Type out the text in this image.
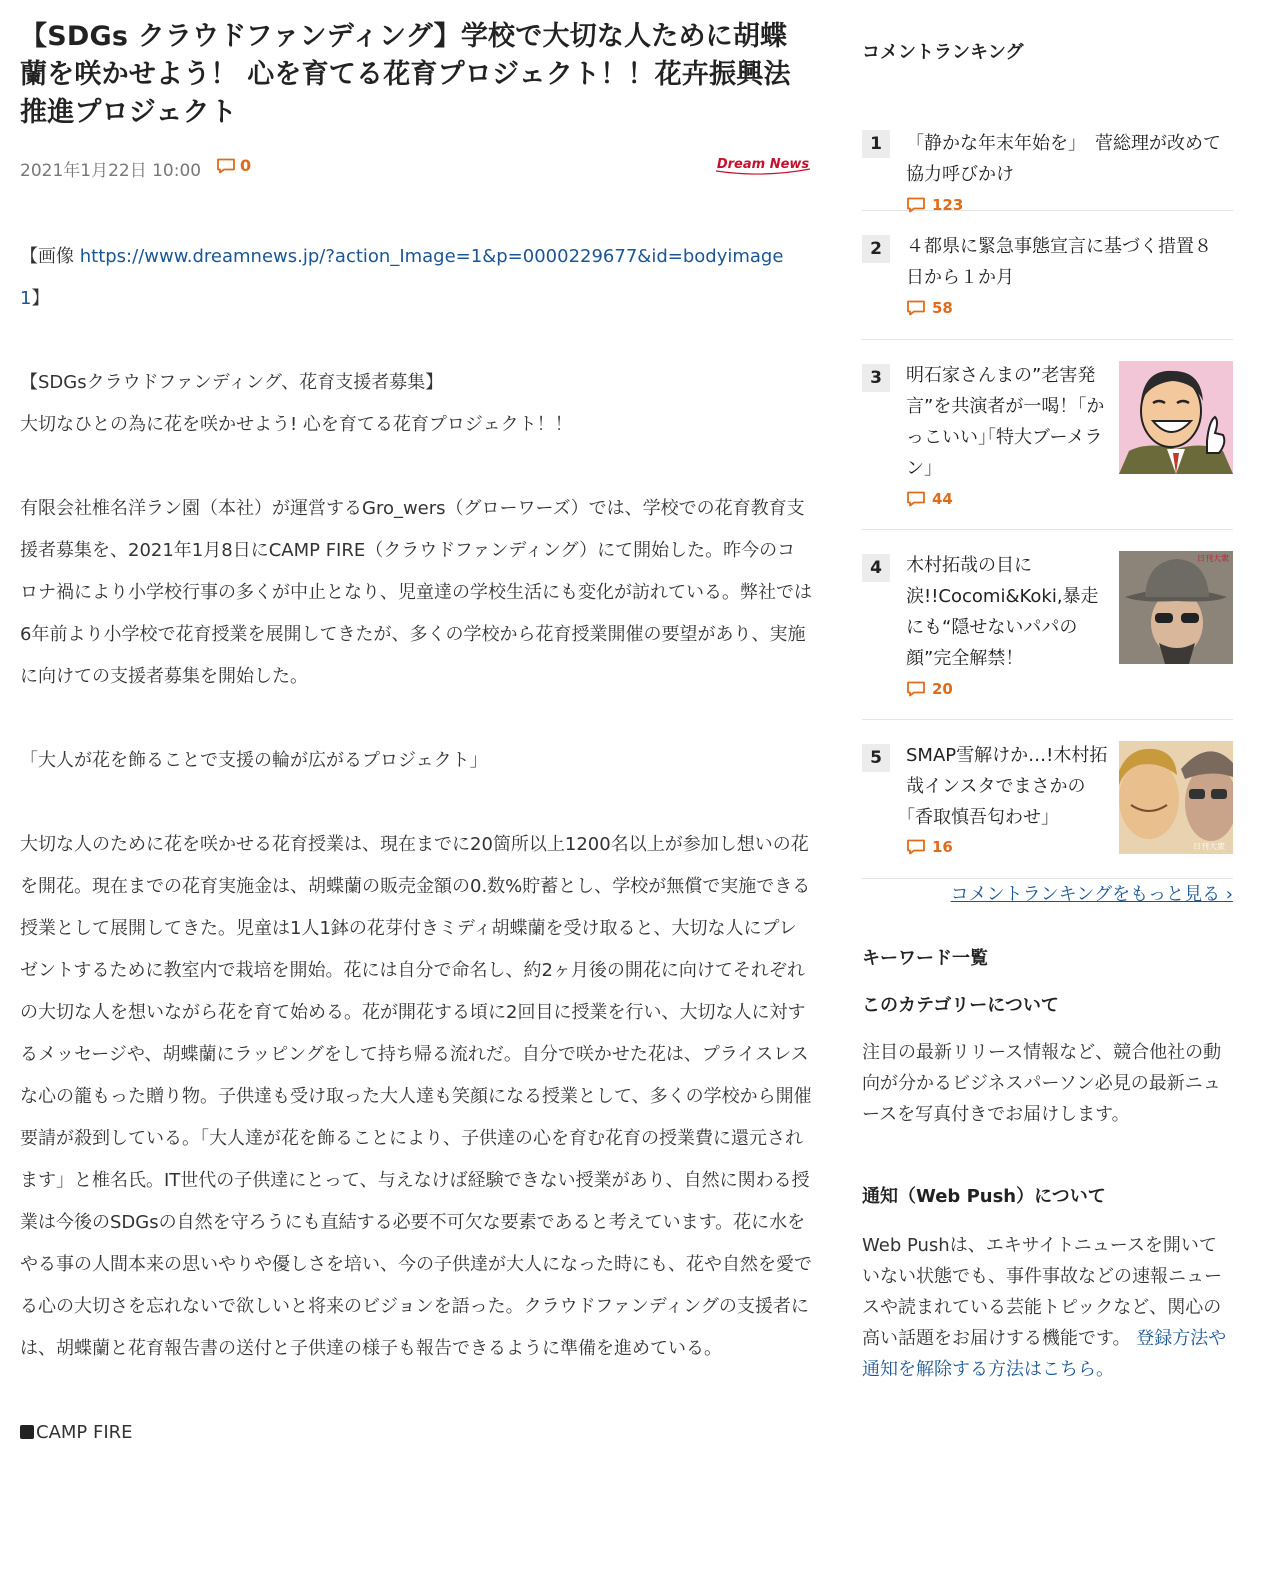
【SDGs クラウドファンディング】学校で大切な人ために胡蝶蘭を咲かせよう！ 心を育てる花育プロジェクト！！花卉振興法推進プロジェクト
2021年1月22日 10:00 0	Dream News

【画像 https://www.dreamnews.jp/?action_Image=1&p=0000229677&id=bodyimage1】

【SDGsクラウドファンディング、花育支援者募集】

大切なひとの為に花を咲かせよう! 心を育てる花育プロジェクト！！

有限会社椎名洋ラン園（本社）が運営するGro_wers（グローワーズ）では、学校での花育教育支援者募集を、2021年1月8日にCAMP FIRE（クラウドファンディング）にて開始した。昨今のコロナ禍により小学校行事の多くが中止となり、児童達の学校生活にも変化が訪れている。弊社では6年前より小学校で花育授業を展開してきたが、多くの学校から花育授業開催の要望があり、実施に向けての支援者募集を開始した。

「大人が花を飾ることで支援の輪が広がるプロジェクト」

大切な人のために花を咲かせる花育授業は、現在までに20箇所以上1200名以上が参加し想いの花を開花。現在までの花育実施金は、胡蝶蘭の販売金額の0.数%貯蓄とし、学校が無償で実施できる授業として展開してきた。児童は1人1鉢の花芽付きミディ胡蝶蘭を受け取ると、大切な人にプレゼントするために教室内で栽培を開始。花には自分で命名し、約2ヶ月後の開花に向けてそれぞれの大切な人を想いながら花を育て始める。花が開花する頃に2回目に授業を行い、大切な人に対するメッセージや、胡蝶蘭にラッピングをして持ち帰る流れだ。自分で咲かせた花は、プライスレスな心の籠もった贈り物。子供達も受け取った大人達も笑顔になる授業として、多くの学校から開催要請が殺到している。「大人達が花を飾ることにより、子供達の心を育む花育の授業費に還元されます」と椎名氏。IT世代の子供達にとって、与えなけば経験できない授業があり、自然に関わる授業は今後のSDGsの自然を守ろうにも直結する必要不可欠な要素であると考えています。花に水をやる事の人間本来の思いやりや優しさを培い、今の子供達が大人になった時にも、花や自然を愛でる心の大切さを忘れないで欲しいと将来のビジョンを語った。クラウドファンディングの支援者には、胡蝶蘭と花育報告書の送付と子供達の様子も報告できるように準備を進めている。

CAMP FIRE

コメントランキング
1	「静かな年末年始を」　菅総理が改めて協力呼びかけ
123
2	４都県に緊急事態宣言に基づく措置８日から１か月
58
3	明石家さんまの”老害発言”を共演者が一喝！｢かっこいい｣｢特大ブーメラン｣
44
4	木村拓哉の目に涙!!Cocomi&Koki,暴走にも“隠せないパパの顔”完全解禁！
20
日刊大衆
5	SMAP雪解けか…!木村拓哉インスタでまさかの｢香取慎吾匂わせ｣
16	日刊大衆
コメントランキングをもっと見る ›
キーワード一覧
このカテゴリーについて
注目の最新リリース情報など、競合他社の動向が分かるビジネスパーソン必見の最新ニュースを写真付きでお届けします。
通知（Web Push）について
Web Pushは、エキサイトニュースを開いていない状態でも、事件事故などの速報ニュースや読まれている芸能トピックなど、関心の高い話題をお届けする機能です。 登録方法や通知を解除する方法はこちら。
